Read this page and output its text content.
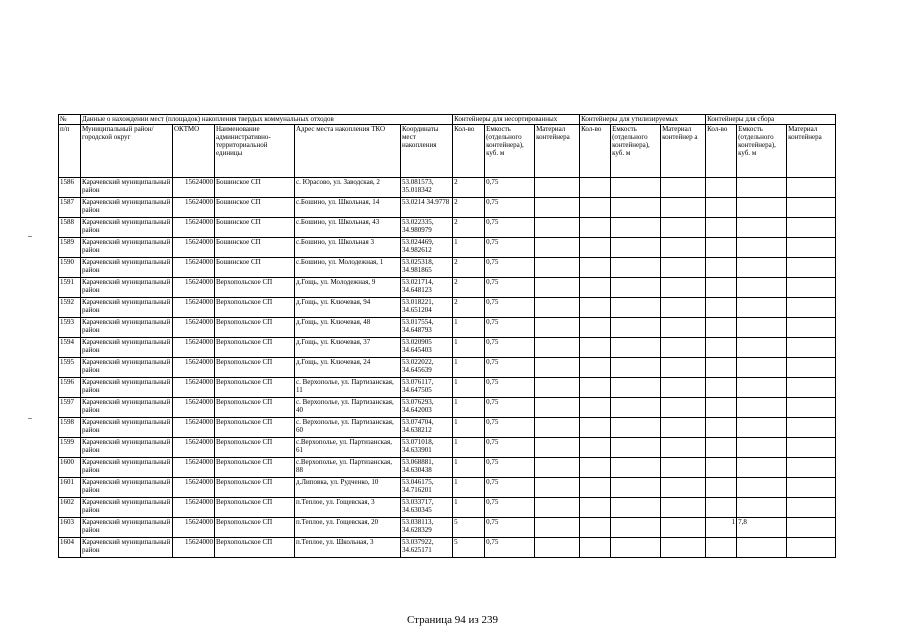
№	Данные о нахождении мест (площадок) накопления твердых коммунальных отходов					Контейнеры для несортированных			Контейнеры для утилизируемых			Контейнеры для сбора		
п/п	Муниципальный район/городской округ	ОКТМО	Наименование административно-территориальной единицы	Адрес места накопления ТКО	Координаты мест накопления	Кол-во	Емкость (отдельного контейнера), куб. м	Материал контейнера	Кол-во	Емкость (отдельного контейнера), куб. м	Материал контейнер а	Кол-во	Емкость (отдельного контейнера), куб. м	Материал контейнера
1586	Карачевский муниципальный район	15624000	Бошинское СП	с. Юрасово, ул. Заводская, 2	53.081573, 35.018342	2	0,75							
1587	Карачевский муниципальный район	15624000	Бошинское СП	с.Бошино, ул. Школьная, 14	53.0214 34.9778	2	0,75							
1588	Карачевский муниципальный район	15624000	Бошинское СП	с.Бошино, ул. Школьная, 43	53.022335, 34.980979	2	0,75							
1589	Карачевский муниципальный район	15624000	Бошинское СП	с.Бошино, ул. Школьная 3	53.024469, 34.982612	1	0,75							
1590	Карачевский муниципальный район	15624000	Бошинское СП	с.Бошино, ул. Молодежная, 1	53.025318, 34.981865	2	0,75							
1591	Карачевский муниципальный район	15624000	Верхопольское СП	д.Гощь, ул. Молодежная, 9	53.021714, 34.648123	2	0,75							
1592	Карачевский муниципальный район	15624000	Верхопольское СП	д.Гощь, ул. Ключевая, 94	53.018221, 34.651204	2	0,75							
1593	Карачевский муниципальный район	15624000	Верхопольское СП	д.Гощь, ул. Ключевая, 48	53.017554, 34.648793	1	0,75							
1594	Карачевский муниципальный район	15624000	Верхопольское СП	д.Гощь, ул. Ключевая, 37	53.020905 34.645403	1	0,75							
1595	Карачевский муниципальный район	15624000	Верхопольское СП	д.Гощь, ул. Ключевая, 24	53.022022, 34.645639	1	0,75							
1596	Карачевский муниципальный район	15624000	Верхопольское СП	с. Верхополье, ул. Партизанская, 11	53.076117, 34.647505	1	0,75							
1597	Карачевский муниципальный район	15624000	Верхопольское СП	с. Верхополье, ул. Партизанская, 40	53.076293, 34.642003	1	0,75							
1598	Карачевский муниципальный район	15624000	Верхопольское СП	с. Верхополье, ул. Партизанская, 60	53.074704, 34.638212	1	0,75							
1599	Карачевский муниципальный район	15624000	Верхопольское СП	с.Верхополье, ул. Партизанская, 61	53.071018, 34.633901	1	0,75							
1600	Карачевский муниципальный район	15624000	Верхопольское СП	с.Верхополье, ул. Партизанская, 88	53.068881, 34.630438	1	0,75							
1601	Карачевский муниципальный район	15624000	Верхопольское СП	д.Липовка, ул. Рудченко, 10	53.046175, 34.716201	1	0,75							
1602	Карачевский муниципальный район	15624000	Верхопольское СП	п.Теплое, ул. Гощевская, 3	53.033717, 34.630345	1	0,75							
1603	Карачевский муниципальный район	15624000	Верхопольское СП	п.Теплое, ул. Гощевская, 20	53.038113, 34.628329	5	0,75					1	7,8	
1604	Карачевский муниципальный район	15624000	Верхопольское СП	п.Теплое, ул. Школьная, 3	53.037922, 34.625171	5	0,75							
Страница 94 из 239
